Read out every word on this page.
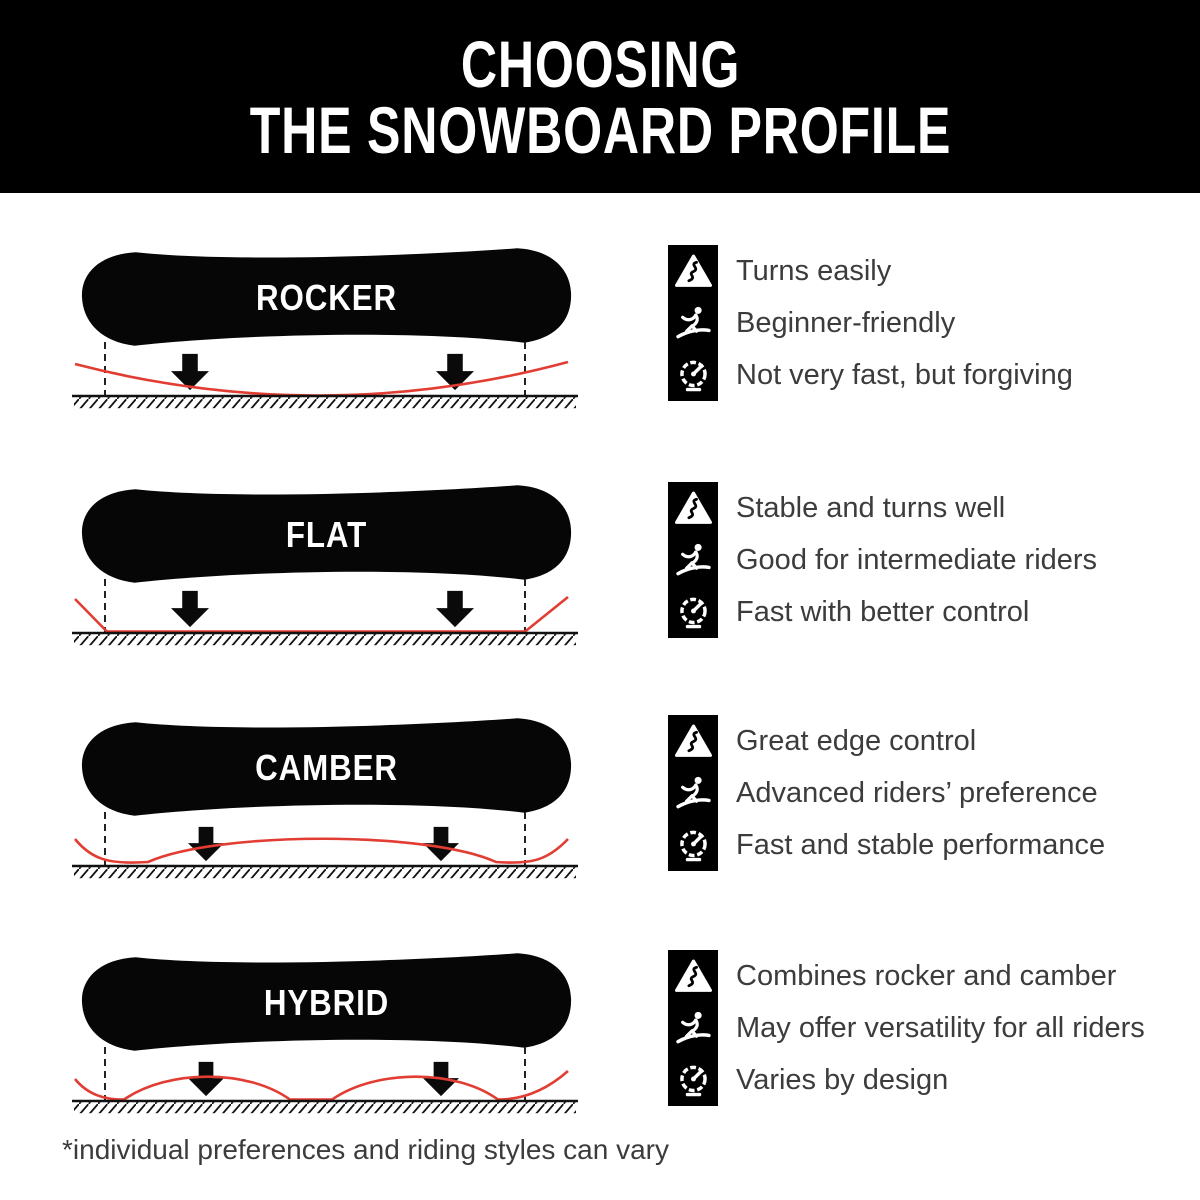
CHOOSING
THE SNOWBOARD PROFILE
ROCKER
Turns easily
Beginner-friendly
Not very fast, but forgiving
FLAT
Stable and turns well
Good for intermediate riders
Fast with better control
CAMBER
Great edge control
Advanced riders’ preference
Fast and stable performance
HYBRID
Combines rocker and camber
May offer versatility for all riders
Varies by design
*individual preferences and riding styles can vary
